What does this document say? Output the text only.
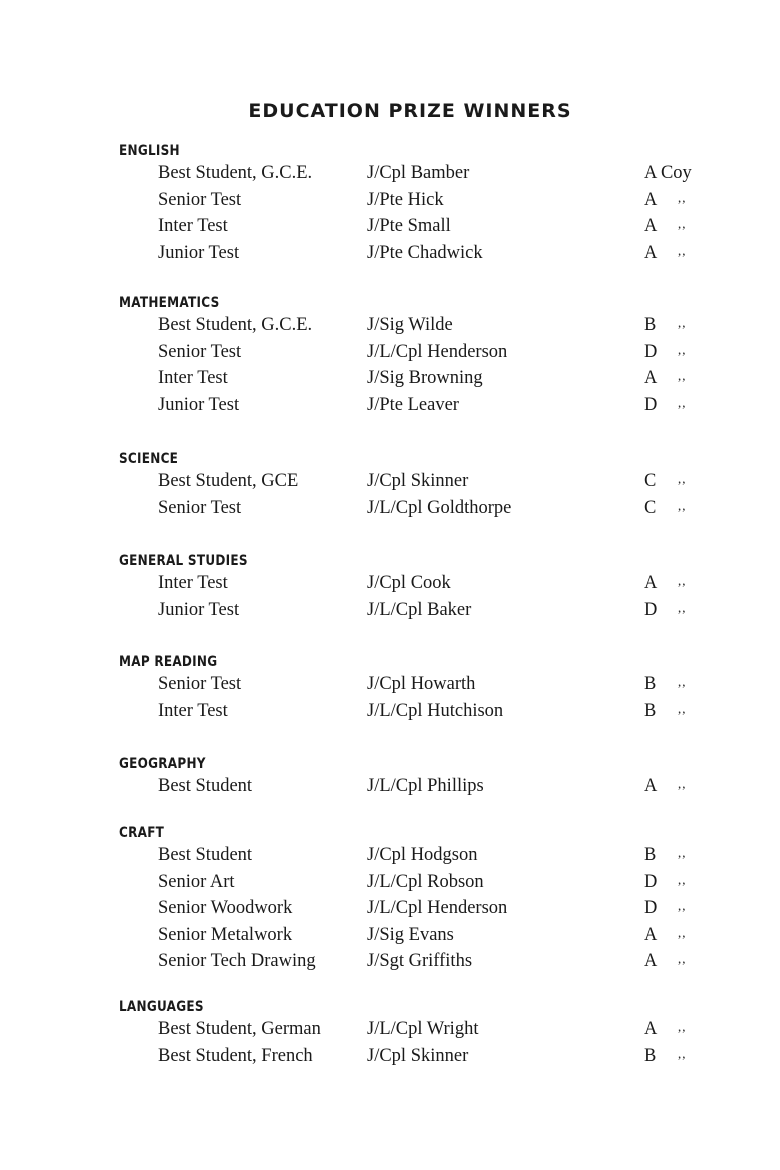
EDUCATION PRIZE WINNERS
ENGLISH
Best Student, G.C.E.	J/Cpl Bamber	A Coy
Senior Test	J/Pte Hick	A ,,
Inter Test	J/Pte Small	A ,,
Junior Test	J/Pte Chadwick	A ,,
MATHEMATICS
Best Student, G.C.E.	J/Sig Wilde	B ,,
Senior Test	J/L/Cpl Henderson	D ,,
Inter Test	J/Sig Browning	A ,,
Junior Test	J/Pte Leaver	D ,,
SCIENCE
Best Student, GCE	J/Cpl Skinner	C ,,
Senior Test	J/L/Cpl Goldthorpe	C ,,
GENERAL STUDIES
Inter Test	J/Cpl Cook	A ,,
Junior Test	J/L/Cpl Baker	D ,,
MAP READING
Senior Test	J/Cpl Howarth	B ,,
Inter Test	J/L/Cpl Hutchison	B ,,
GEOGRAPHY
Best Student	J/L/Cpl Phillips	A ,,
CRAFT
Best Student	J/Cpl Hodgson	B ,,
Senior Art	J/L/Cpl Robson	D ,,
Senior Woodwork	J/L/Cpl Henderson	D ,,
Senior Metalwork	J/Sig Evans	A ,,
Senior Tech Drawing	J/Sgt Griffiths	A ,,
LANGUAGES
Best Student, German J/L/Cpl Wright	A ,,
Best Student, French	J/Cpl Skinner	B ,,
